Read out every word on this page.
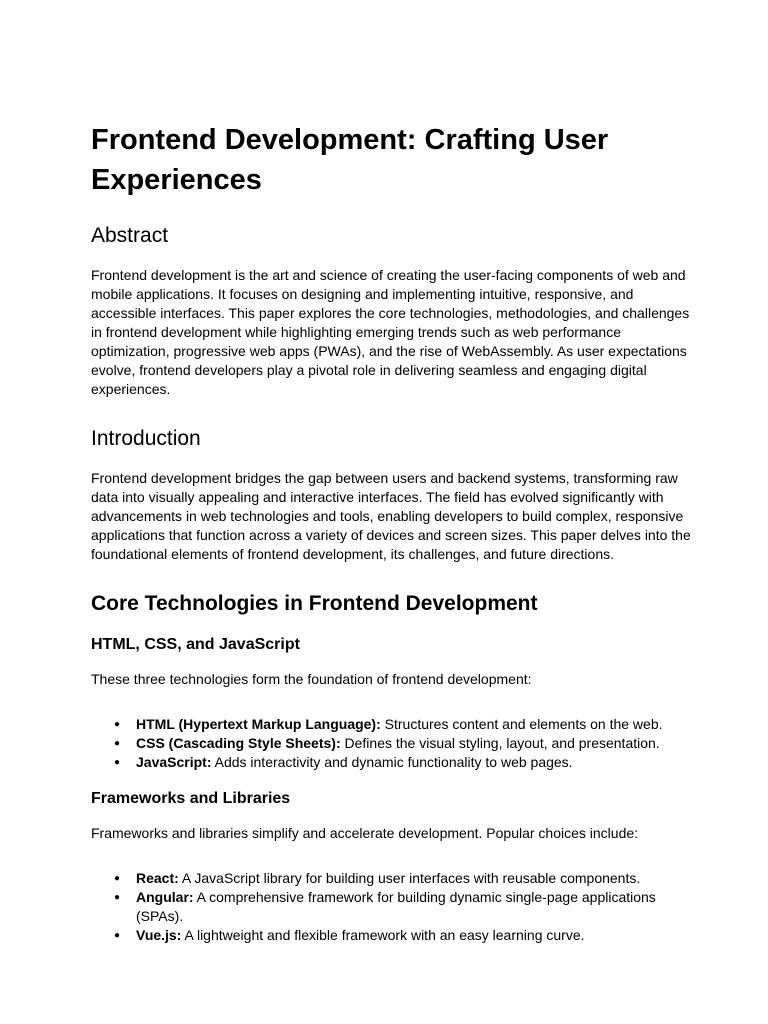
Frontend Development: Crafting User Experiences
Abstract

Frontend development is the art and science of creating the user-facing components of web and mobile applications. It focuses on designing and implementing intuitive, responsive, and accessible interfaces. This paper explores the core technologies, methodologies, and challenges in frontend development while highlighting emerging trends such as web performance optimization, progressive web apps (PWAs), and the rise of WebAssembly. As user expectations evolve, frontend developers play a pivotal role in delivering seamless and engaging digital experiences.

Introduction

Frontend development bridges the gap between users and backend systems, transforming raw data into visually appealing and interactive interfaces. The field has evolved significantly with advancements in web technologies and tools, enabling developers to build complex, responsive applications that function across a variety of devices and screen sizes. This paper delves into the foundational elements of frontend development, its challenges, and future directions.

Core Technologies in Frontend Development
HTML, CSS, and JavaScript

These three technologies form the foundation of frontend development:

● HTML (Hypertext Markup Language): Structures content and elements on the web.
● CSS (Cascading Style Sheets): Defines the visual styling, layout, and presentation.
● JavaScript: Adds interactivity and dynamic functionality to web pages.
Frameworks and Libraries

Frameworks and libraries simplify and accelerate development. Popular choices include:

● React: A JavaScript library for building user interfaces with reusable components.
● Angular: A comprehensive framework for building dynamic single-page applications (SPAs).
● Vue.js: A lightweight and flexible framework with an easy learning curve.
